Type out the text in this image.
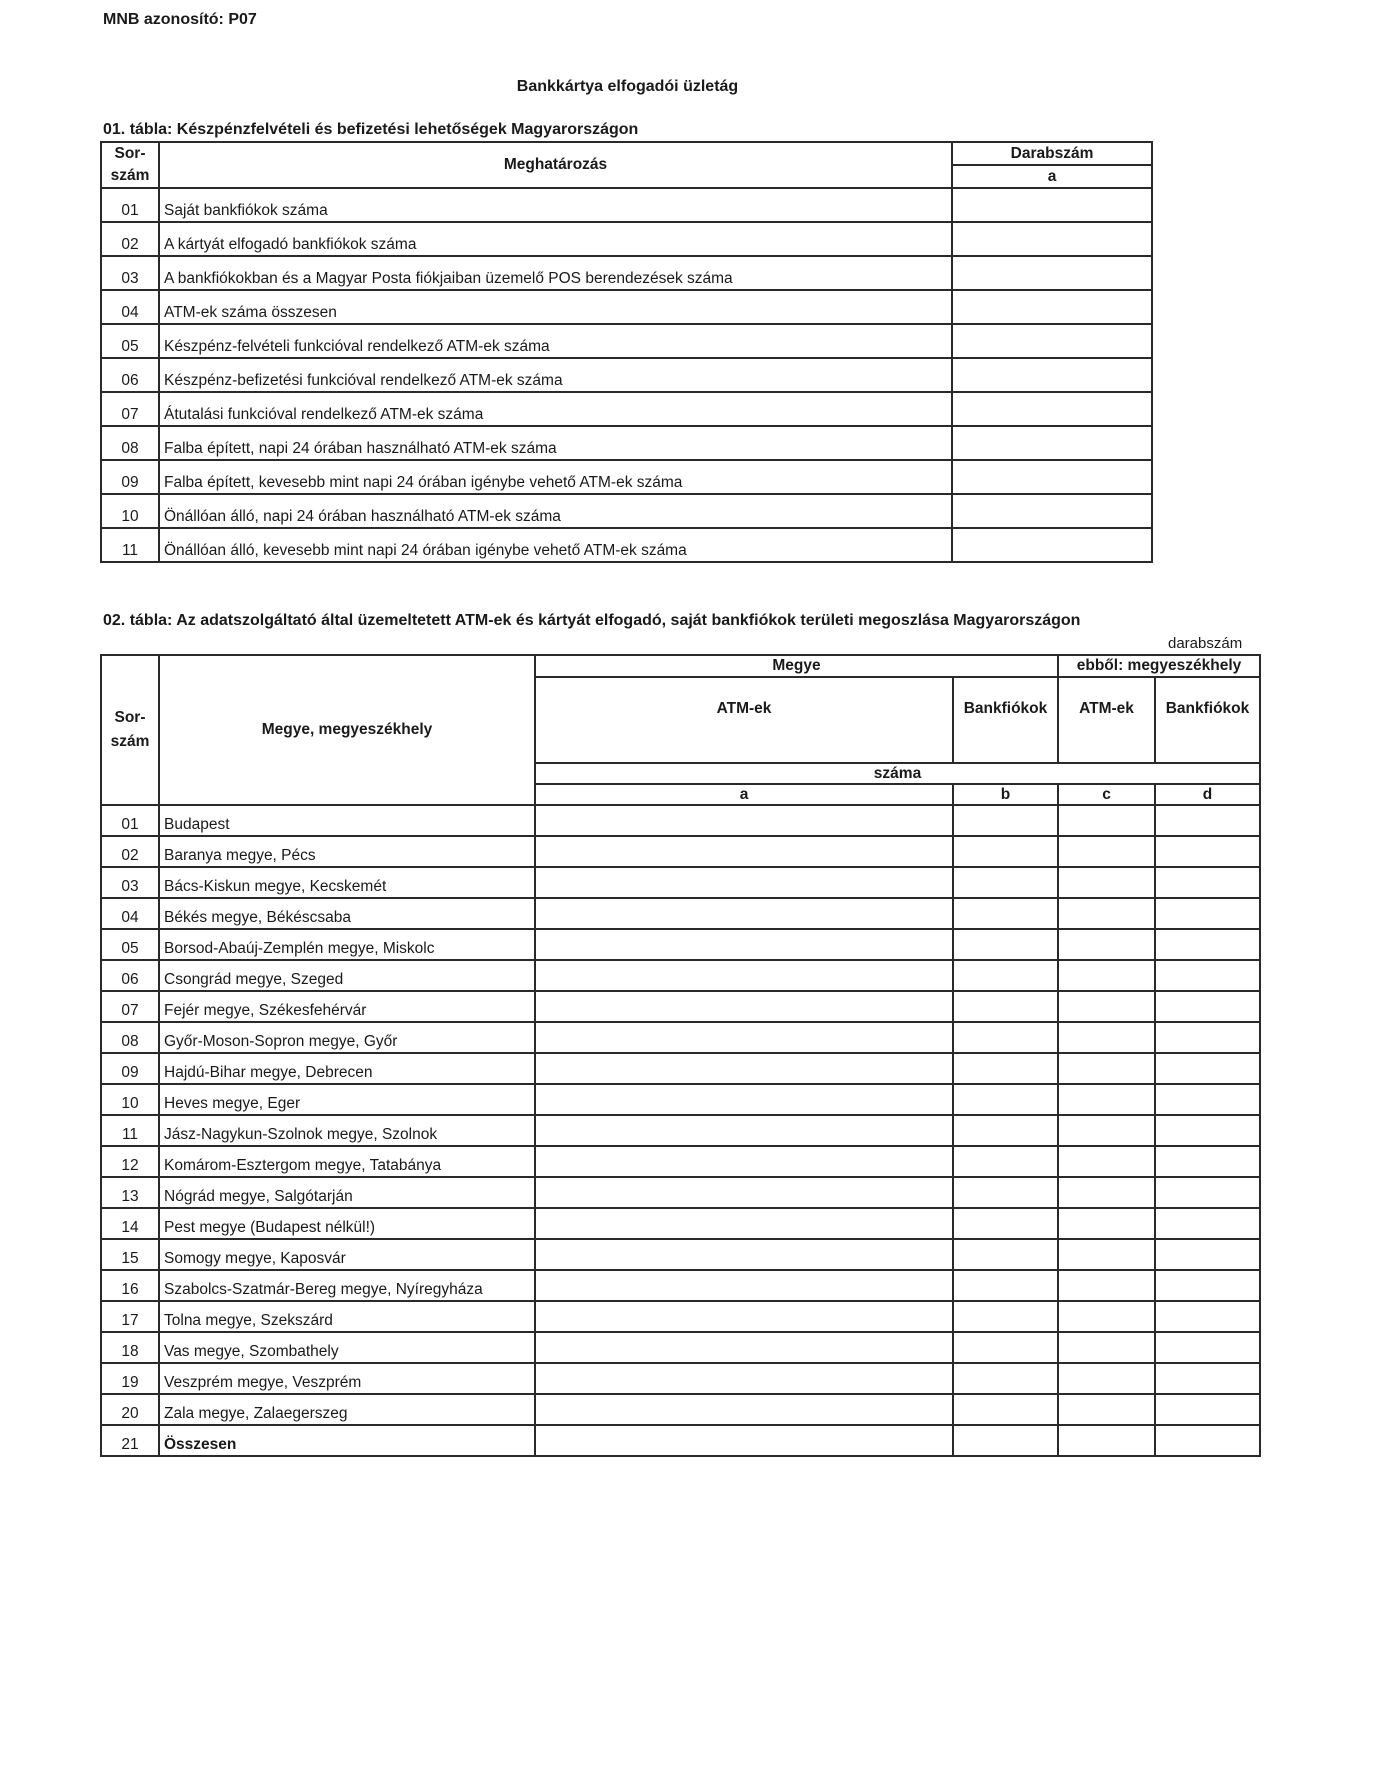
MNB azonosító: P07
Bankkártya elfogadói üzletág
01. tábla: Készpénzfelvételi és befizetési lehetőségek Magyarországon
Sor-
szám	Meghatározás	Darabszám
		a
01	Saját bankfiókok száma	
02	A kártyát elfogadó bankfiókok száma	
03	A bankfiókokban és a Magyar Posta fiókjaiban üzemelő POS berendezések száma	
04	ATM-ek száma összesen	
05	Készpénz-felvételi funkcióval rendelkező ATM-ek száma	
06	Készpénz-befizetési funkcióval rendelkező ATM-ek száma	
07	Átutalási funkcióval rendelkező ATM-ek száma	
08	Falba épített, napi 24 órában használható ATM-ek száma	
09	Falba épített, kevesebb mint napi 24 órában igénybe vehető ATM-ek száma	
10	Önállóan álló, napi 24 órában használható ATM-ek száma	
11	Önállóan álló, kevesebb mint napi 24 órában igénybe vehető ATM-ek száma	
02. tábla: Az adatszolgáltató által üzemeltetett ATM-ek és kártyát elfogadó, saját bankfiókok területi megoszlása Magyarországon
darabszám
Sor-
szám	Megye, megyeszékhely	Megye		ebből: megyeszékhely	
		ATM-ek	Bankfiókok	ATM-ek	Bankfiókok
		száma			
		a	b	c	d
01	Budapest				
02	Baranya megye, Pécs				
03	Bács-Kiskun megye, Kecskemét				
04	Békés megye, Békéscsaba				
05	Borsod-Abaúj-Zemplén megye, Miskolc				
06	Csongrád megye, Szeged				
07	Fejér megye, Székesfehérvár				
08	Győr-Moson-Sopron megye, Győr				
09	Hajdú-Bihar megye, Debrecen				
10	Heves megye, Eger				
11	Jász-Nagykun-Szolnok megye, Szolnok				
12	Komárom-Esztergom megye, Tatabánya				
13	Nógrád megye, Salgótarján				
14	Pest megye (Budapest nélkül!)				
15	Somogy megye, Kaposvár				
16	Szabolcs-Szatmár-Bereg megye, Nyíregyháza				
17	Tolna megye, Szekszárd				
18	Vas megye, Szombathely				
19	Veszprém megye, Veszprém				
20	Zala megye, Zalaegerszeg				
21	Összesen				
